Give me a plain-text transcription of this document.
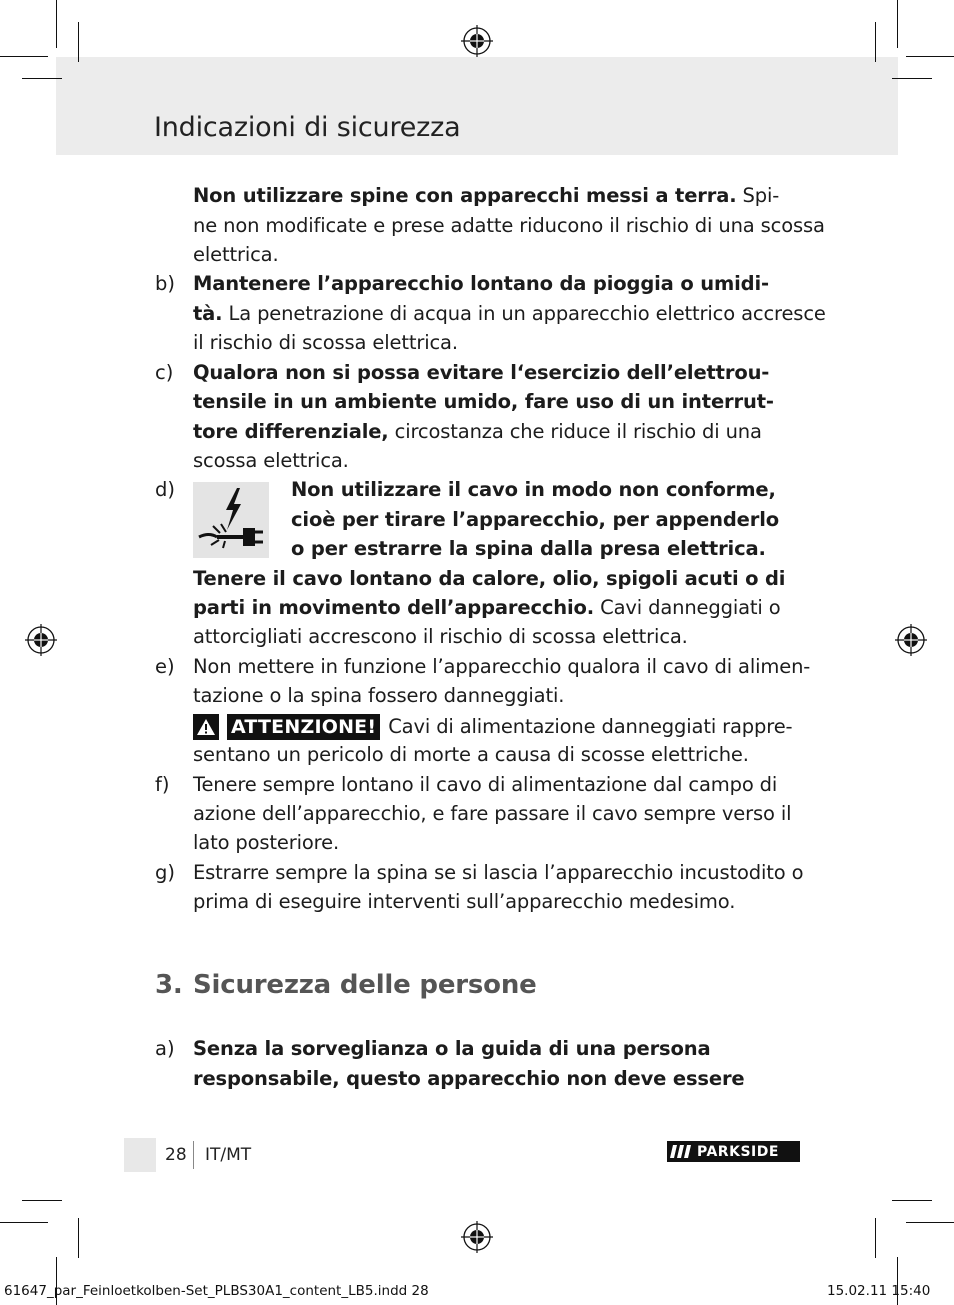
Indicazioni di sicurezza
Non utilizzare spine con apparecchi messi a terra. Spi-
ne non modificate e prese adatte riducono il rischio di una scossa
elettrica.
b) Mantenere l’apparecchio lontano da pioggia o umidi-
tà. La penetrazione di acqua in un apparecchio elettrico accresce
il rischio di scossa elettrica.
c) Qualora non si possa evitare l‘esercizio dell’elettrou-
tensile in un ambiente umido, fare uso di un interrut-
tore differenziale, circostanza che riduce il rischio di una
scossa elettrica.
d)	Non utilizzare il cavo in modo non conforme,
cioè per tirare l’apparecchio, per appenderlo
o per estrarre la spina dalla presa elettrica.
Tenere il cavo lontano da calore, olio, spigoli acuti o di
parti in movimento dell’apparecchio. Cavi danneggiati o
attorcigliati accrescono il rischio di scossa elettrica.
e) Non mettere in funzione l’apparecchio qualora il cavo di alimen-
tazione o la spina fossero danneggiati.
ATTENZIONE! Cavi di alimentazione danneggiati rappre-
sentano un pericolo di morte a causa di scosse elettriche.
f) Tenere sempre lontano il cavo di alimentazione dal campo di
azione dell’apparecchio, e fare passare il cavo sempre verso il
lato posteriore.
g) Estrarre sempre la spina se si lascia l’apparecchio incustodito o
prima di eseguire interventi sull’apparecchio medesimo.
3. Sicurezza delle persone
a) Senza la sorveglianza o la guida di una persona
responsabile, questo apparecchio non deve essere
28 IT/MT	PARKSIDE
61647_par_Feinloetkolben-Set_PLBS30A1_content_LB5.indd 28	15.02.11 15:40
